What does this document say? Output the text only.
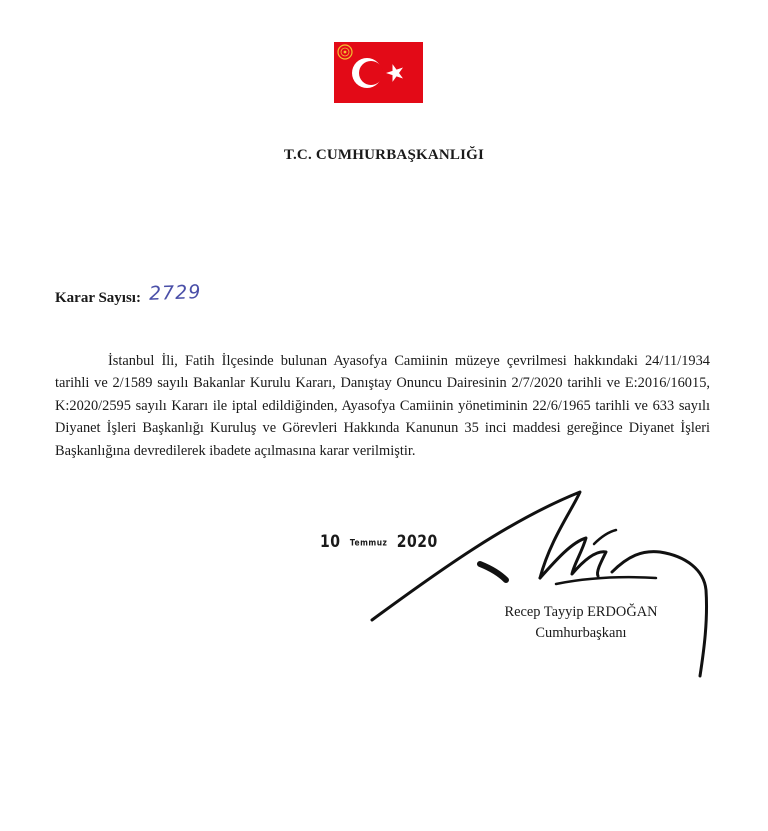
T.C. CUMHURBAŞKANLIĞI
Karar Sayısı: 2729

İstanbul İli, Fatih İlçesinde bulunan Ayasofya Camiinin müzeye çevrilmesi hakkındaki 24/11/1934 tarihli ve 2/1589 sayılı Bakanlar Kurulu Kararı, Danıştay Onuncu Dairesinin 2/7/2020 tarihli ve E:2016/16015, K:2020/2595 sayılı Kararı ile iptal edildiğinden, Ayasofya Camiinin yönetiminin 22/6/1965 tarihli ve 633 sayılı Diyanet İşleri Başkanlığı Kuruluş ve Görevleri Hakkında Kanunun 35 inci maddesi gereğince Diyanet İşleri Başkanlığına devredilerek ibadete açılmasına karar verilmiştir.

10 Temmuz 2020
Recep Tayyip ERDOĞAN
Cumhurbaşkanı
